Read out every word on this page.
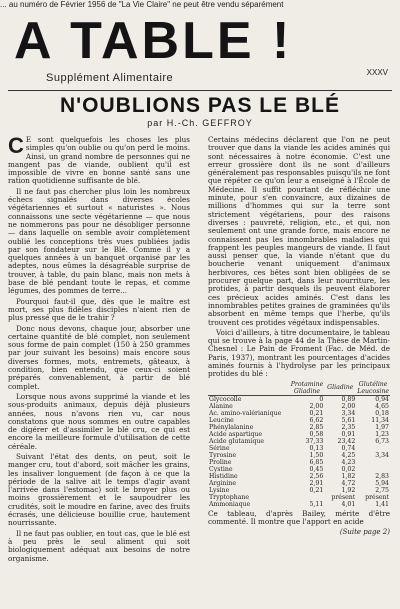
... au numéro de Février 1956 de "La Vie Claire" ne peut être vendu séparément
A TABLE !
Supplément Alimentaire	XXXV
N'OUBLIONS PAS LE BLÉ
par H.-Ch. GEFFROY

C E sont quelquefois les choses les plus simples qu'on oublie ou qu'on perd le moins. Ainsi, un grand nombre de personnes qui ne mangent pas de viande, oublient qu'il est impossible de vivre en bonne santé sans une ration quotidienne suffisante de blé.

Il ne faut pas chercher plus loin les nombreux échecs signalés dans diverses écoles végétariennes et surtout « naturistes ». Nous connaissons une secte végétarienne — que nous ne nommerons pas pour ne désobliger personne — dans laquelle on semble avoir complètement oublié les conceptions très vues publiées jadis par son fondateur sur le Blé. Comme il y a quelques années à un banquet organisé par les adeptes, nous eûmes la désagréable surprise de trouver, à table, du pain blanc, mais non mets à base de blé pendant toute le repas, et comme légumes, des pommes de terre...

Pourquoi faut-il que, dès que le maître est mort, ses plus fidèles disciples n'aient rien de plus pressé que de le trahir ?

Donc nous devons, chaque jour, absorber une certaine quantité de blé complet, non seulement sous forme de pain complet (150 à 250 grammes par jour suivant les besoins) mais encore sous diverses formes, mots, entremets, gâteaux, à condition, bien entendu, que ceux-ci soient préparés convenablement, à partir de blé complet.

Lorsque nous avons supprimé la viande et les sous-produits animaux, depuis déjà plusieurs années, nous n'avons rien vu, car nous constatons que nous sommes en outre capables de digérer et d'assimiler le blé cru, ce qui est encore la meilleure formule d'utilisation de cette céréale.

Suivant l'état des dents, on peut, soit le manger cru, tout d'abord, soit mâcher les grains, les insaliver longuement (de façon à ce que la période de la salive ait le temps d'agir avant l'arrivée dans l'estomac) soit le broyer plus ou moins grossièrement et le saupoudrer les crudités, soit le moudre en farine, avec des fruits écrasés, une délicieuse bouillie crue, hautement nourrissante.

Il ne faut pas oublier, en tout cas, que le blé est à peu près le seul aliment qui soit biologiquement adéquat aux besoins de notre organisme.

Certains médecins déclarent que l'on ne peut trouver que dans la viande les acides aminés qui sont nécessaires à notre économie. C'est une erreur grossière dont ils ne sont d'ailleurs généralement pas responsables puisqu'ils ne font que répéter ce qu'on leur a enseigné à l'École de Médecine. Il suffit pourtant de réfléchir une minute, pour s'en convaincre, aux dizaines de millions d'hommes qui sur la terre sont strictement végétariens, pour des raisons diverses : pauvreté, religion, etc., et qui, non seulement ont une grande force, mais encore ne connaissent pas les innombrables maladies qui frappent les peuples mangeurs de viande. Il faut aussi penser que, la viande n'étant que du boucherie venant uniquement d'animaux herbivores, ces bêtes sont bien obligées de se procurer quelque part, dans leur nourriture, les protides, à partir desquels ils peuvent élaborer ces précieux acides aminés. C'est dans les innombrables petites graines de graminées qu'ils absorbent en même temps que l'herbe, qu'ils trouvent ces protides végétaux indispensables.

Voici d'ailleurs, à titre documentaire, le tableau qui se trouve à la page 44 de la Thèse de Martin-Chesnel : Le Pain de Froment (Fac. de Méd. de Paris, 1937), montrant les pourcentages d'acides aminés fournis à l'hydrolyse par les principaux protides du blé :

	Protamine Gliadine	Gliadine	Glutéline Leucosine
Glycocolle	0	0,89	0,94
Alanine	2,00	2,00	4,65
Ac. amino-valérianique	0,21	3,34	0,18
Leucine	6,62	5,61	11,34
Phénylalanine	2,85	2,35	1,97
Acide aspartique	0,58	0,91	1,23
Acide glutamique	37,33	23,42	6,73
Sérine	0,13	0,74	
Tyrosine	1,50	4,25	3,34
Proline	6,85	4,23	
Cystine	0,45	0,02	
Histidine	2,56	1,82	2,83
Arginine	2,91	4,72	5,94
Lysine	0,21	1,92	2,75
Tryptophane		présent	présent
Ammoniaque	5,11	4,01	1,41

Ce tableau, d'après Bailey, mérite d'être commenté. Il montre que l'apport en acide

(Suite page 2)
